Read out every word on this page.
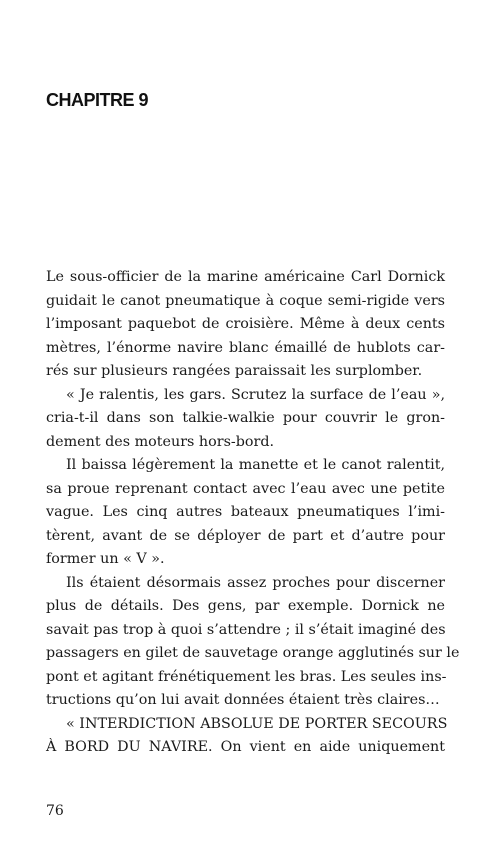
CHAPITRE 9
Le sous-officier de la marine américaine Carl Dornick
guidait le canot pneumatique à coque semi-rigide vers
l’imposant paquebot de croisière. Même à deux cents
mètres, l’énorme navire blanc émaillé de hublots car-
rés sur plusieurs rangées paraissait les surplomber.
« Je ralentis, les gars. Scrutez la surface de l’eau »,
cria-t-il dans son talkie-walkie pour couvrir le gron-
dement des moteurs hors-bord.
Il baissa légèrement la manette et le canot ralentit,
sa proue reprenant contact avec l’eau avec une petite
vague. Les cinq autres bateaux pneumatiques l’imi-
tèrent, avant de se déployer de part et d’autre pour
former un « V ».
Ils étaient désormais assez proches pour discerner
plus de détails. Des gens, par exemple. Dornick ne
savait pas trop à quoi s’attendre ; il s’était imaginé des
passagers en gilet de sauvetage orange agglutinés sur le
pont et agitant frénétiquement les bras. Les seules ins-
tructions qu’on lui avait données étaient très claires…
« INTERDICTION ABSOLUE DE PORTER SECOURS
À BORD DU NAVIRE. On vient en aide uniquement
76
